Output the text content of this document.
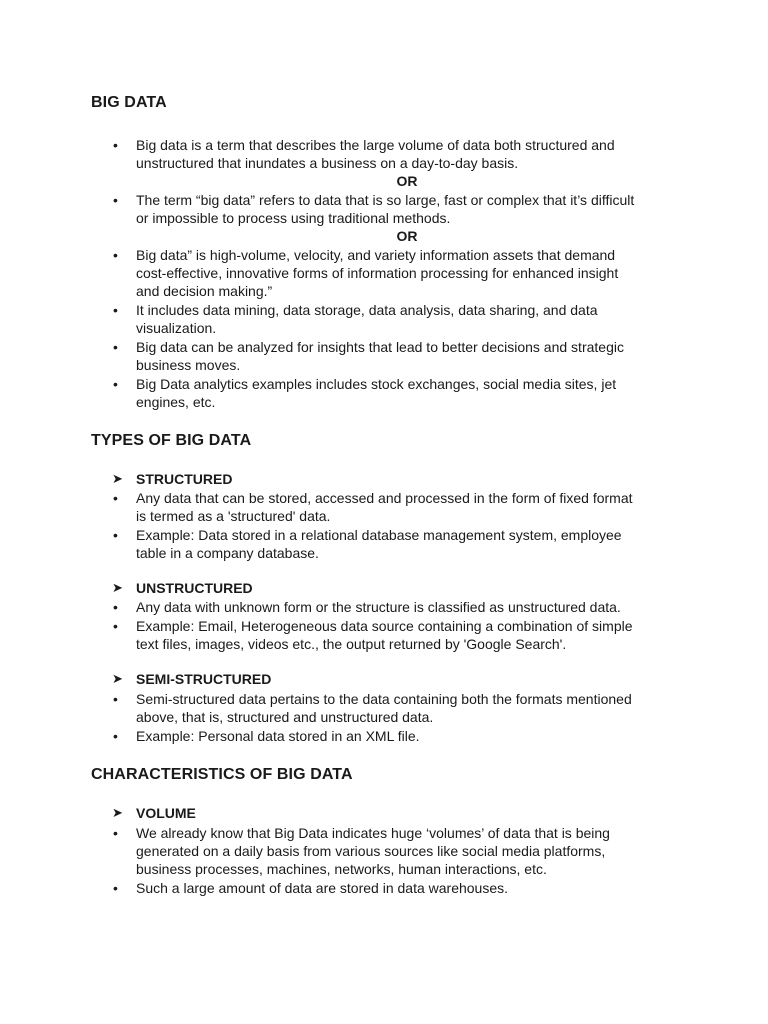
BIG DATA
• Big data is a term that describes the large volume of data both structured and

unstructured that inundates a business on a day-to-day basis.

OR
• The term “big data” refers to data that is so large, fast or complex that it’s difficult

or impossible to process using traditional methods.

OR
• Big data” is high-volume, velocity, and variety information assets that demand

cost-effective, innovative forms of information processing for enhanced insight

and decision making.”

• It includes data mining, data storage, data analysis, data sharing, and data

visualization.

• Big data can be analyzed for insights that lead to better decisions and strategic

business moves.

• Big Data analytics examples includes stock exchanges, social media sites, jet

engines, etc.

TYPES OF BIG DATA
➤ STRUCTURED
• Any data that can be stored, accessed and processed in the form of fixed format

is termed as a 'structured' data.

• Example: Data stored in a relational database management system, employee

table in a company database.

➤ UNSTRUCTURED
• Any data with unknown form or the structure is classified as unstructured data.

• Example: Email, Heterogeneous data source containing a combination of simple

text files, images, videos etc., the output returned by 'Google Search'.

➤ SEMI-STRUCTURED
• Semi-structured data pertains to the data containing both the formats mentioned

above, that is, structured and unstructured data.

• Example: Personal data stored in an XML file.

CHARACTERISTICS OF BIG DATA
➤ VOLUME
• We already know that Big Data indicates huge ‘volumes’ of data that is being

generated on a daily basis from various sources like social media platforms,

business processes, machines, networks, human interactions, etc.

• Such a large amount of data are stored in data warehouses.
